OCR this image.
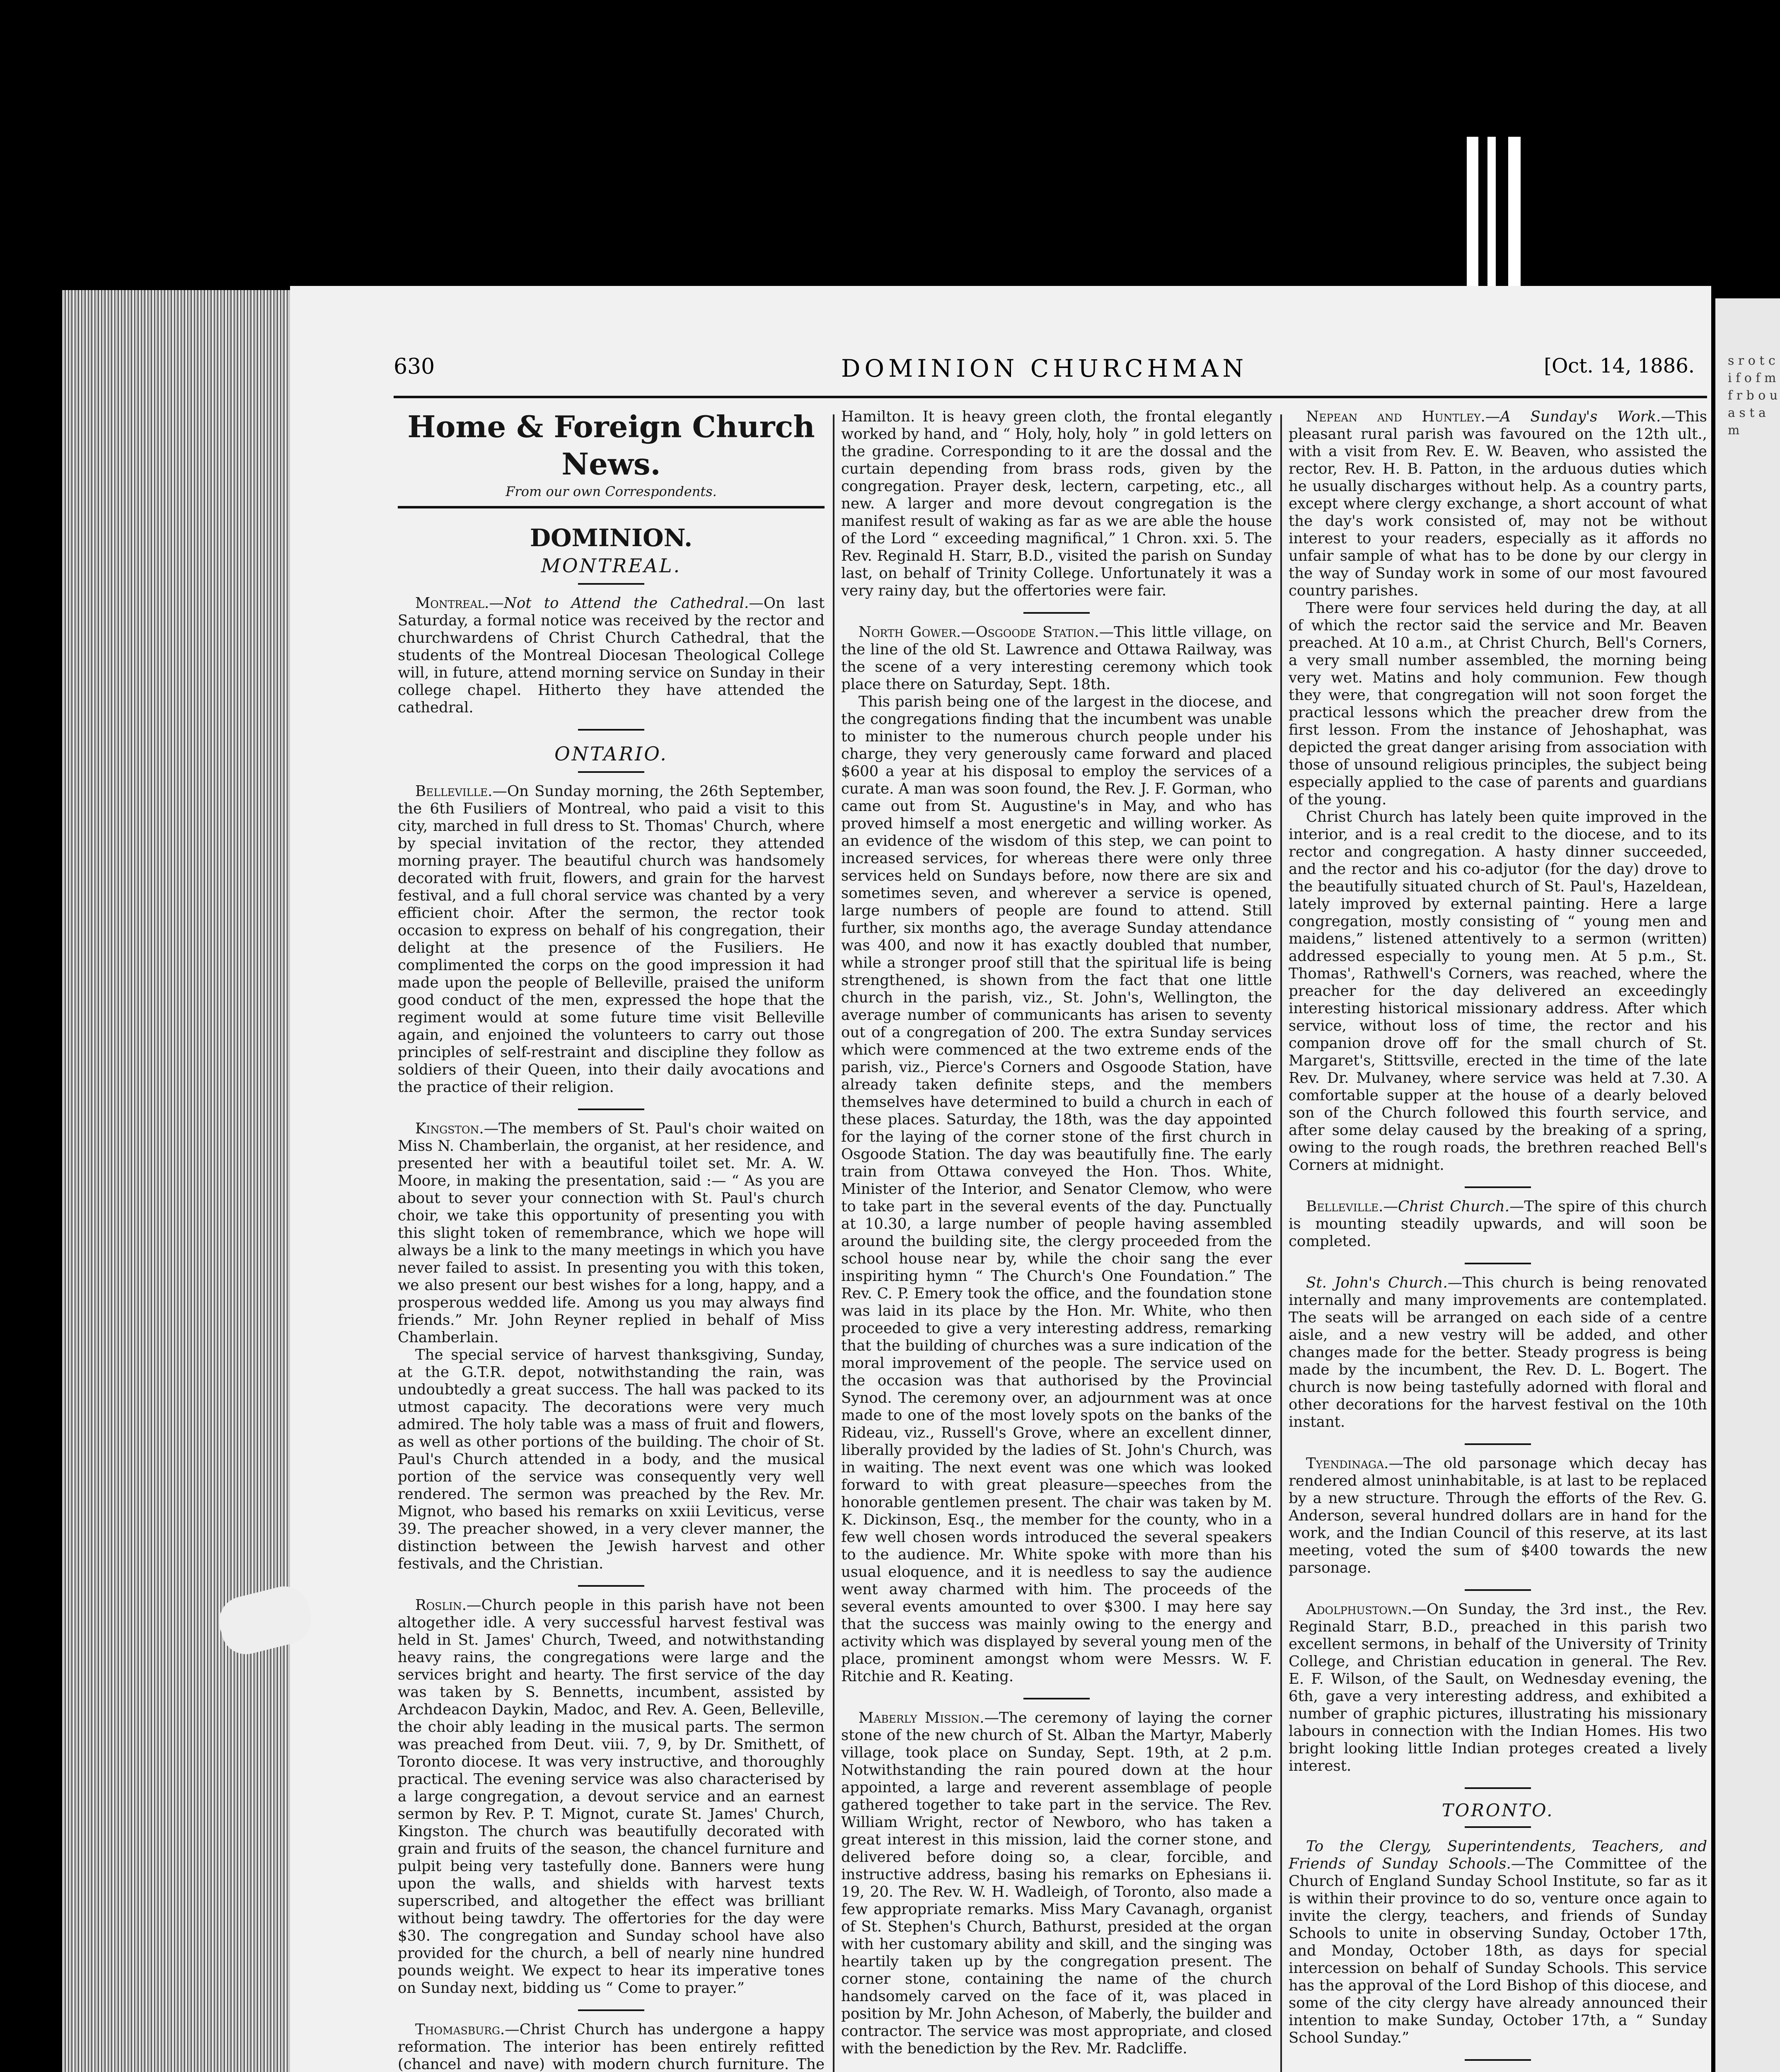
s r o t c i f o f m f r b o u a s t a m
630	DOMINION CHURCHMAN	[Oct. 14, 1886.
Home & Foreign Church News.

From our own Correspondents.

DOMINION.

MONTREAL.

Montreal.—Not to Attend the Cathedral.—On last Saturday, a formal notice was received by the rector and churchwardens of Christ Church Cathedral, that the students of the Montreal Diocesan Theological College will, in future, attend morning service on Sunday in their college chapel. Hitherto they have attended the cathedral.

ONTARIO.

Belleville.—On Sunday morning, the 26th September, the 6th Fusiliers of Montreal, who paid a visit to this city, marched in full dress to St. Thomas' Church, where by special invitation of the rector, they attended morning prayer. The beautiful church was handsomely decorated with fruit, flowers, and grain for the harvest festival, and a full choral service was chanted by a very efficient choir. After the sermon, the rector took occasion to express on behalf of his congregation, their delight at the presence of the Fusiliers. He complimented the corps on the good impression it had made upon the people of Belleville, praised the uniform good conduct of the men, expressed the hope that the regiment would at some future time visit Belleville again, and enjoined the volunteers to carry out those principles of self-restraint and discipline they follow as soldiers of their Queen, into their daily avocations and the practice of their religion.

Kingston.—The members of St. Paul's choir waited on Miss N. Chamberlain, the organist, at her residence, and presented her with a beautiful toilet set. Mr. A. W. Moore, in making the presentation, said :— “ As you are about to sever your connection with St. Paul's church choir, we take this opportunity of presenting you with this slight token of remembrance, which we hope will always be a link to the many meetings in which you have never failed to assist. In presenting you with this token, we also present our best wishes for a long, happy, and a prosperous wedded life. Among us you may always find friends.” Mr. John Reyner replied in behalf of Miss Chamberlain.

The special service of harvest thanksgiving, Sunday, at the G.T.R. depot, notwithstanding the rain, was undoubtedly a great success. The hall was packed to its utmost capacity. The decorations were very much admired. The holy table was a mass of fruit and flowers, as well as other portions of the building. The choir of St. Paul's Church attended in a body, and the musical portion of the service was consequently very well rendered. The sermon was preached by the Rev. Mr. Mignot, who based his remarks on xxiii Leviticus, verse 39. The preacher showed, in a very clever manner, the distinction between the Jewish harvest and other festivals, and the Christian.

Roslin.—Church people in this parish have not been altogether idle. A very successful harvest festival was held in St. James' Church, Tweed, and notwithstanding heavy rains, the congregations were large and the services bright and hearty. The first service of the day was taken by S. Bennetts, incumbent, assisted by Archdeacon Daykin, Madoc, and Rev. A. Geen, Belleville, the choir ably leading in the musical parts. The sermon was preached from Deut. viii. 7, 9, by Dr. Smithett, of Toronto diocese. It was very instructive, and thoroughly practical. The evening service was also characterised by a large congregation, a devout service and an earnest sermon by Rev. P. T. Mignot, curate St. James' Church, Kingston. The church was beautifully decorated with grain and fruits of the season, the chancel furniture and pulpit being very tastefully done. Banners were hung upon the walls, and shields with harvest texts superscribed, and altogether the effect was brilliant without being tawdry. The offertories for the day were $30. The congregation and Sunday school have also provided for the church, a bell of nearly nine hundred pounds weight. We expect to hear its imperative tones on Sunday next, bidding us “ Come to prayer.”

Thomasburg.—Christ Church has undergone a happy reformation. The interior has been entirely refitted (chancel and nave) with modern church furniture. The

Hamilton. It is heavy green cloth, the frontal elegantly worked by hand, and “ Holy, holy, holy ” in gold letters on the gradine. Corresponding to it are the dossal and the curtain depending from brass rods, given by the congregation. Prayer desk, lectern, carpeting, etc., all new. A larger and more devout congregation is the manifest result of waking as far as we are able the house of the Lord “ exceeding magnifical,” 1 Chron. xxi. 5. The Rev. Reginald H. Starr, B.D., visited the parish on Sunday last, on behalf of Trinity College. Unfortunately it was a very rainy day, but the offertories were fair.

North Gower.—Osgoode Station.—This little village, on the line of the old St. Lawrence and Ottawa Railway, was the scene of a very interesting ceremony which took place there on Saturday, Sept. 18th.

This parish being one of the largest in the diocese, and the congregations finding that the incumbent was unable to minister to the numerous church people under his charge, they very generously came forward and placed $600 a year at his disposal to employ the services of a curate. A man was soon found, the Rev. J. F. Gorman, who came out from St. Augustine's in May, and who has proved himself a most energetic and willing worker. As an evidence of the wisdom of this step, we can point to increased services, for whereas there were only three services held on Sundays before, now there are six and sometimes seven, and wherever a service is opened, large numbers of people are found to attend. Still further, six months ago, the average Sunday attendance was 400, and now it has exactly doubled that number, while a stronger proof still that the spiritual life is being strengthened, is shown from the fact that one little church in the parish, viz., St. John's, Wellington, the average number of communicants has arisen to seventy out of a congregation of 200. The extra Sunday services which were commenced at the two extreme ends of the parish, viz., Pierce's Corners and Osgoode Station, have already taken definite steps, and the members themselves have determined to build a church in each of these places. Saturday, the 18th, was the day appointed for the laying of the corner stone of the first church in Osgoode Station. The day was beautifully fine. The early train from Ottawa conveyed the Hon. Thos. White, Minister of the Interior, and Senator Clemow, who were to take part in the several events of the day. Punctually at 10.30, a large number of people having assembled around the building site, the clergy proceeded from the school house near by, while the choir sang the ever inspiriting hymn “ The Church's One Foundation.” The Rev. C. P. Emery took the office, and the foundation stone was laid in its place by the Hon. Mr. White, who then proceeded to give a very interesting address, remarking that the building of churches was a sure indication of the moral improvement of the people. The service used on the occasion was that authorised by the Provincial Synod. The ceremony over, an adjournment was at once made to one of the most lovely spots on the banks of the Rideau, viz., Russell's Grove, where an excellent dinner, liberally provided by the ladies of St. John's Church, was in waiting. The next event was one which was looked forward to with great pleasure—speeches from the honorable gentlemen present. The chair was taken by M. K. Dickinson, Esq., the member for the county, who in a few well chosen words introduced the several speakers to the audience. Mr. White spoke with more than his usual eloquence, and it is needless to say the audience went away charmed with him. The proceeds of the several events amounted to over $300. I may here say that the success was mainly owing to the energy and activity which was displayed by several young men of the place, prominent amongst whom were Messrs. W. F. Ritchie and R. Keating.

Maberly Mission.—The ceremony of laying the corner stone of the new church of St. Alban the Martyr, Maberly village, took place on Sunday, Sept. 19th, at 2 p.m. Notwithstanding the rain poured down at the hour appointed, a large and reverent assemblage of people gathered together to take part in the service. The Rev. William Wright, rector of Newboro, who has taken a great interest in this mission, laid the corner stone, and delivered before doing so, a clear, forcible, and instructive address, basing his remarks on Ephesians ii. 19, 20. The Rev. W. H. Wadleigh, of Toronto, also made a few appropriate remarks. Miss Mary Cavanagh, organist of St. Stephen's Church, Bathurst, presided at the organ with her customary ability and skill, and the singing was heartily taken up by the congregation present. The corner stone, containing the name of the church handsomely carved on the face of it, was placed in position by Mr. John Acheson, of Maberly, the builder and contractor. The service was most appropriate, and closed with the benediction by the Rev. Mr. Radcliffe.

Nepean and Huntley.—A Sunday's Work.—This pleasant rural parish was favoured on the 12th ult., with a visit from Rev. E. W. Beaven, who assisted the rector, Rev. H. B. Patton, in the arduous duties which he usually discharges without help. As a country parts, except where clergy exchange, a short account of what the day's work consisted of, may not be without interest to your readers, especially as it affords no unfair sample of what has to be done by our clergy in the way of Sunday work in some of our most favoured country parishes.

There were four services held during the day, at all of which the rector said the service and Mr. Beaven preached. At 10 a.m., at Christ Church, Bell's Corners, a very small number assembled, the morning being very wet. Matins and holy communion. Few though they were, that congregation will not soon forget the practical lessons which the preacher drew from the first lesson. From the instance of Jehoshaphat, was depicted the great danger arising from association with those of unsound religious principles, the subject being especially applied to the case of parents and guardians of the young.

Christ Church has lately been quite improved in the interior, and is a real credit to the diocese, and to its rector and congregation. A hasty dinner succeeded, and the rector and his co-adjutor (for the day) drove to the beautifully situated church of St. Paul's, Hazeldean, lately improved by external painting. Here a large congregation, mostly consisting of “ young men and maidens,” listened attentively to a sermon (written) addressed especially to young men. At 5 p.m., St. Thomas', Rathwell's Corners, was reached, where the preacher for the day delivered an exceedingly interesting historical missionary address. After which service, without loss of time, the rector and his companion drove off for the small church of St. Margaret's, Stittsville, erected in the time of the late Rev. Dr. Mulvaney, where service was held at 7.30. A comfortable supper at the house of a dearly beloved son of the Church followed this fourth service, and after some delay caused by the breaking of a spring, owing to the rough roads, the brethren reached Bell's Corners at midnight.

Belleville.—Christ Church.—The spire of this church is mounting steadily upwards, and will soon be completed.

St. John's Church.—This church is being renovated internally and many improvements are contemplated. The seats will be arranged on each side of a centre aisle, and a new vestry will be added, and other changes made for the better. Steady progress is being made by the incumbent, the Rev. D. L. Bogert. The church is now being tastefully adorned with floral and other decorations for the harvest festival on the 10th instant.

Tyendinaga.—The old parsonage which decay has rendered almost uninhabitable, is at last to be replaced by a new structure. Through the efforts of the Rev. G. Anderson, several hundred dollars are in hand for the work, and the Indian Council of this reserve, at its last meeting, voted the sum of $400 towards the new parsonage.

Adolphustown.—On Sunday, the 3rd inst., the Rev. Reginald Starr, B.D., preached in this parish two excellent sermons, in behalf of the University of Trinity College, and Christian education in general. The Rev. E. F. Wilson, of the Sault, on Wednesday evening, the 6th, gave a very interesting address, and exhibited a number of graphic pictures, illustrating his missionary labours in connection with the Indian Homes. His two bright looking little Indian proteges created a lively interest.

TORONTO.

To the Clergy, Superintendents, Teachers, and Friends of Sunday Schools.—The Committee of the Church of England Sunday School Institute, so far as it is within their province to do so, venture once again to invite the clergy, teachers, and friends of Sunday Schools to unite in observing Sunday, October 17th, and Monday, October 18th, as days for special intercession on behalf of Sunday Schools. This service has the approval of the Lord Bishop of this diocese, and some of the city clergy have already announced their intention to make Sunday, October 17th, a “ Sunday School Sunday.”
